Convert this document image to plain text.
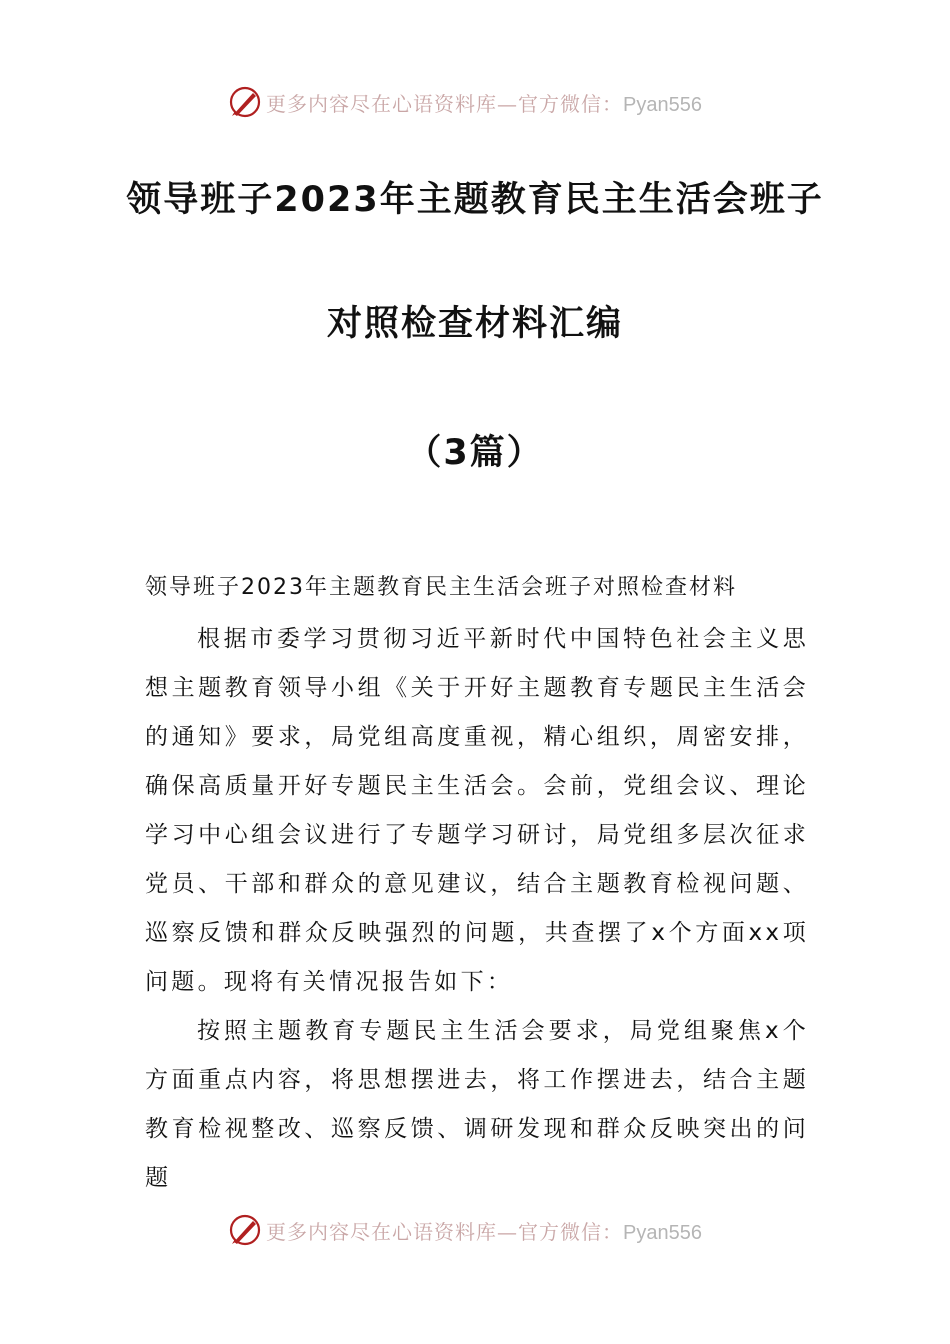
更多内容尽在心语资料库—官方微信：Pyan556
领导班子2023年主题教育民主生活会班子
对照检查材料汇编
（3篇）
领导班子2023年主题教育民主生活会班子对照检查材料

根据市委学习贯彻习近平新时代中国特色社会主义思想主题教育领导小组《关于开好主题教育专题民主生活会的通知》要求，局党组高度重视，精心组织，周密安排，确保高质量开好专题民主生活会。会前，党组会议、理论学习中心组会议进行了专题学习研讨，局党组多层次征求党员、干部和群众的意见建议，结合主题教育检视问题、巡察反馈和群众反映强烈的问题，共查摆了x个方面xx项问题。现将有关情况报告如下：

按照主题教育专题民主生活会要求，局党组聚焦x个方面重点内容，将思想摆进去，将工作摆进去，结合主题教育检视整改、巡察反馈、调研发现和群众反映突出的问题

更多内容尽在心语资料库—官方微信：Pyan556
